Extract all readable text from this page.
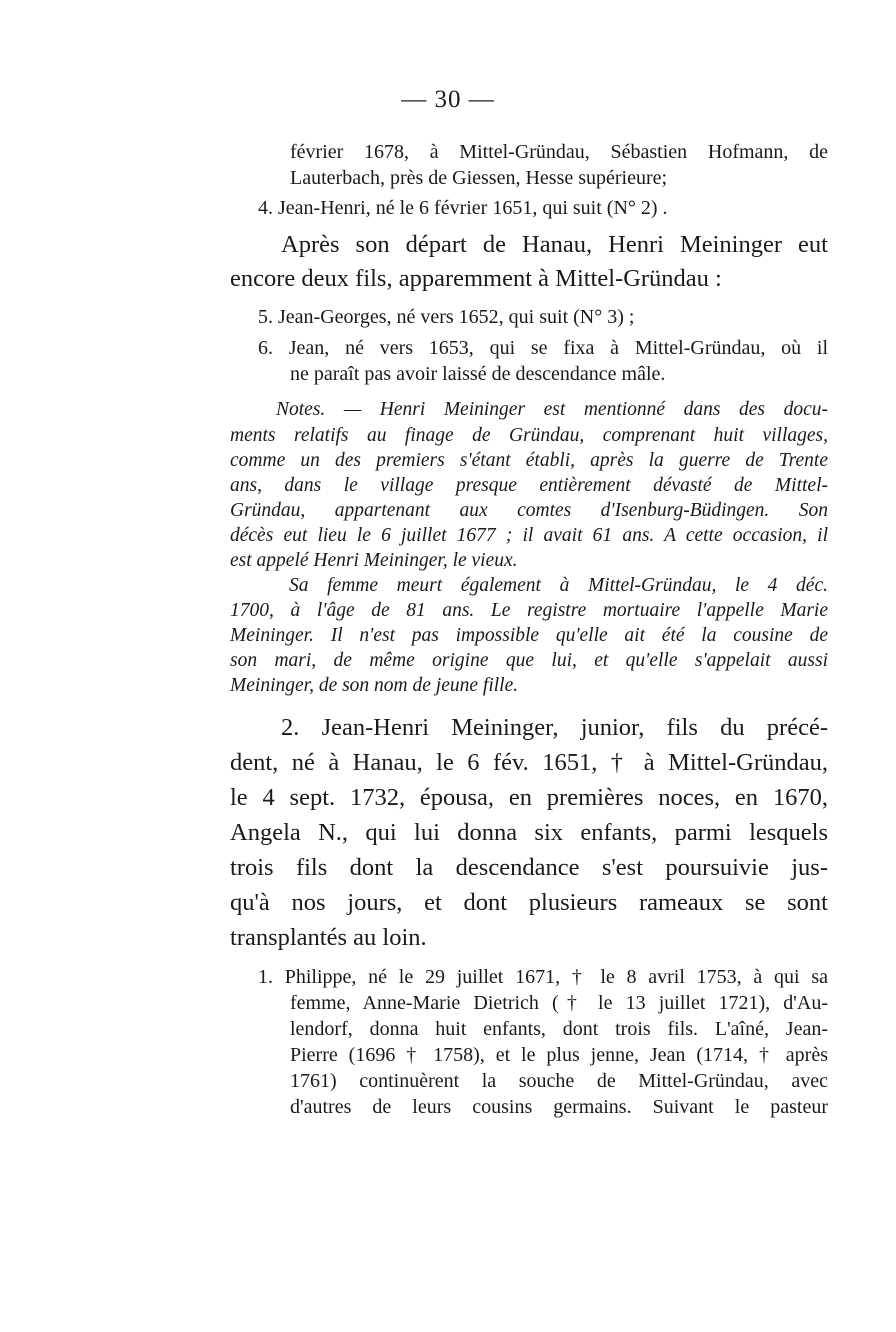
— 30 —
février 1678, à Mittel-Gründau, Sébastien Hofmann, de
Lauterbach, près de Giessen, Hesse supérieure;
4. Jean-Henri, né le 6 février 1651, qui suit (N° 2) .
Après son départ de Hanau, Henri Meininger eut
encore deux fils, apparemment à Mittel-Gründau :
5. Jean-Georges, né vers 1652, qui suit (N° 3) ;
6. Jean, né vers 1653, qui se fixa à Mittel-Gründau, où il
ne paraît pas avoir laissé de descendance mâle.
Notes. — Henri Meininger est mentionné dans des docu-
ments relatifs au finage de Gründau, comprenant huit villages,
comme un des premiers s'étant établi, après la guerre de Trente
ans, dans le village presque entièrement dévasté de Mittel-
Gründau, appartenant aux comtes d'Isenburg-Büdingen. Son
décès eut lieu le 6 juillet 1677 ; il avait 61 ans. A cette occasion, il
est appelé Henri Meininger, le vieux.
Sa femme meurt également à Mittel-Gründau, le 4 déc.
1700, à l'âge de 81 ans. Le registre mortuaire l'appelle Marie
Meininger. Il n'est pas impossible qu'elle ait été la cousine de
son mari, de même origine que lui, et qu'elle s'appelait aussi
Meininger, de son nom de jeune fille.
2. Jean-Henri Meininger, junior, fils du précé-
dent, né à Hanau, le 6 fév. 1651, † à Mittel-Gründau,
le 4 sept. 1732, épousa, en premières noces, en 1670,
Angela N., qui lui donna six enfants, parmi lesquels
trois fils dont la descendance s'est poursuivie jus-
qu'à nos jours, et dont plusieurs rameaux se sont
transplantés au loin.
1. Philippe, né le 29 juillet 1671, † le 8 avril 1753, à qui sa
femme, Anne-Marie Dietrich († le 13 juillet 1721), d'Au-
lendorf, donna huit enfants, dont trois fils. L'aîné, Jean-
Pierre (1696 † 1758), et le plus jenne, Jean (1714, † après
1761) continuèrent la souche de Mittel-Gründau, avec
d'autres de leurs cousins germains. Suivant le pasteur
